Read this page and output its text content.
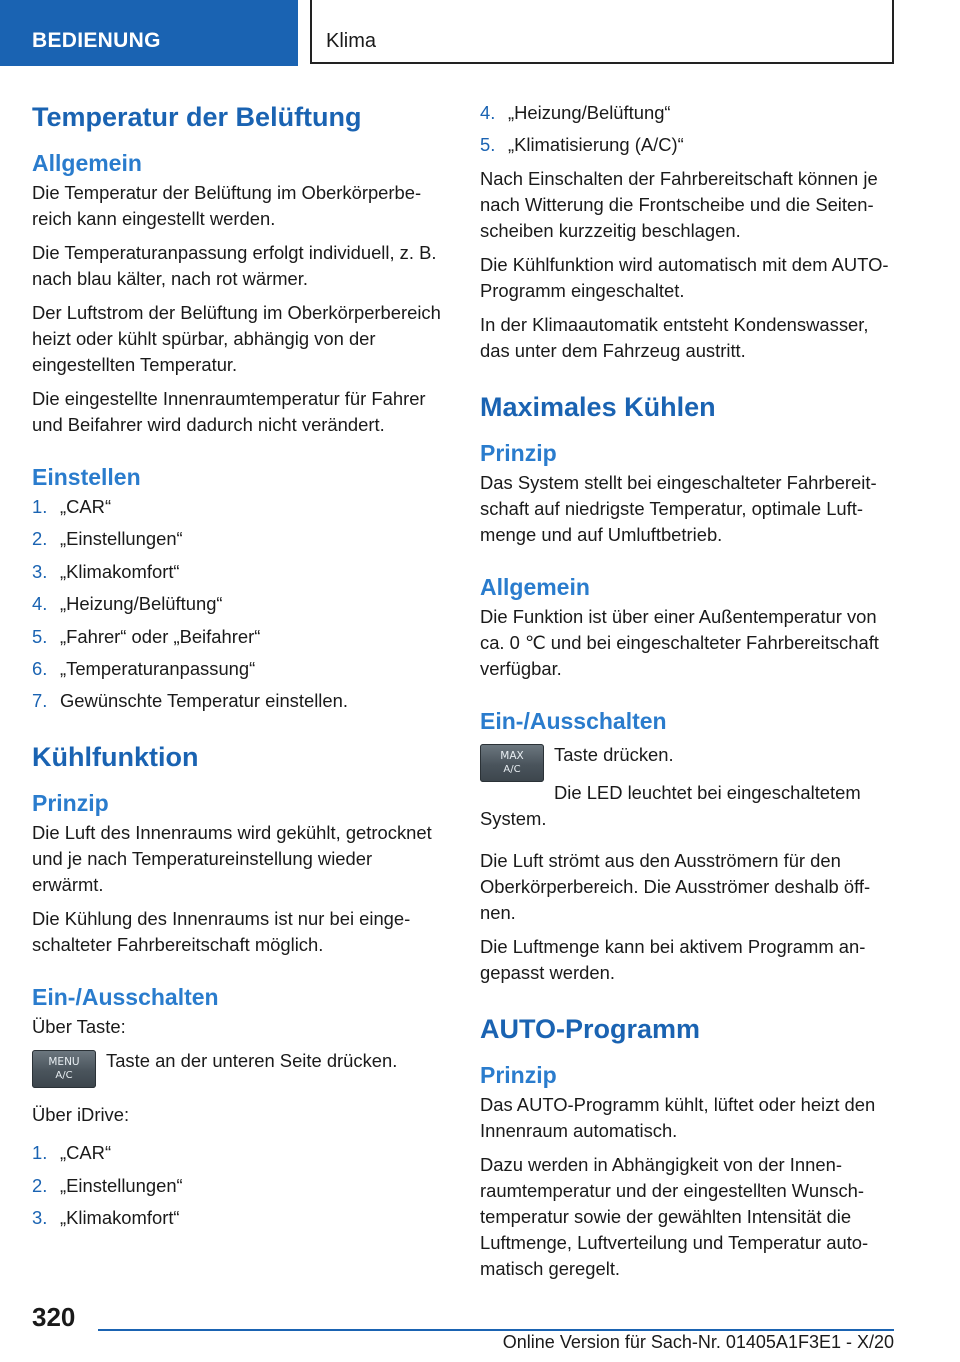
BEDIENUNG	Klima
Temperatur der Belüftung
Allgemein

Die Temperatur der Belüftung im Oberkörperbereich kann eingestellt werden.

Die Temperaturanpassung erfolgt individuell, z. B. nach blau kälter, nach rot wärmer.

Der Luftstrom der Belüftung im Oberkörperbereich heizt oder kühlt spürbar, abhängig von der eingestellten Temperatur.

Die eingestellte Innenraumtemperatur für Fahrer und Beifahrer wird dadurch nicht verändert.

Einstellen
1. „CAR“
2. „Einstellungen“
3. „Klimakomfort“
4. „Heizung/Belüftung“
5. „Fahrer“ oder „Beifahrer“
6. „Temperaturanpassung“
7. Gewünschte Temperatur einstellen.
Kühlfunktion
Prinzip

Die Luft des Innenraums wird gekühlt, getrocknet und je nach Temperatureinstellung wieder erwärmt.

Die Kühlung des Innenraums ist nur bei eingeschalteter Fahrbereitschaft möglich.

Ein-/Ausschalten

Über Taste:

MENU
A/C

Taste an der unteren Seite drücken.

Über iDrive:

1. „CAR“
2. „Einstellungen“
3. „Klimakomfort“
4. „Heizung/Belüftung“
5. „Klimatisierung (A/C)“

Nach Einschalten der Fahrbereitschaft können je nach Witterung die Frontscheibe und die Seitenscheiben kurzzeitig beschlagen.

Die Kühlfunktion wird automatisch mit dem AUTO-Programm eingeschaltet.

In der Klimaautomatik entsteht Kondenswasser, das unter dem Fahrzeug austritt.

Maximales Kühlen
Prinzip

Das System stellt bei eingeschalteter Fahrbereitschaft auf niedrigste Temperatur, optimale Luftmenge und auf Umluftbetrieb.

Allgemein

Die Funktion ist über einer Außentemperatur von ca. 0 ℃ und bei eingeschalteter Fahrbereitschaft verfügbar.

Ein-/Ausschalten
MAX
A/C

Taste drücken.

Die LED leuchtet bei eingeschaltetem System.

Die Luft strömt aus den Ausströmern für den Oberkörperbereich. Die Ausströmer deshalb öffnen.

Die Luftmenge kann bei aktivem Programm angepasst werden.

AUTO-Programm
Prinzip

Das AUTO-Programm kühlt, lüftet oder heizt den Innenraum automatisch.

Dazu werden in Abhängigkeit von der Innenraumtemperatur und der eingestellten Wunschtemperatur sowie der gewählten Intensität die Luftmenge, Luftverteilung und Temperatur automatisch geregelt.

320
Online Version für Sach-Nr. 01405A1F3E1 - X/20
